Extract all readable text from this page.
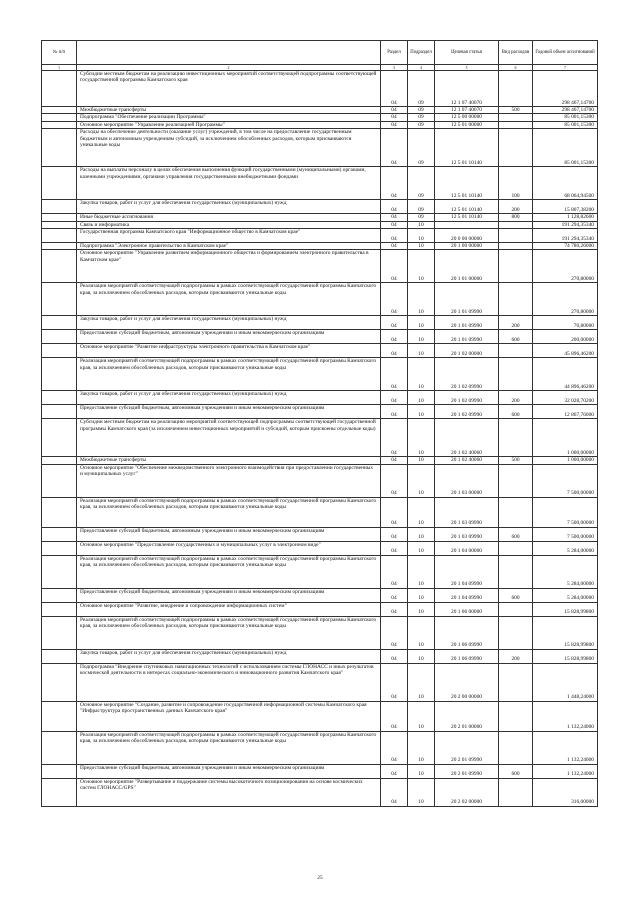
№ п/п		Раздел	Подраздел	Целевая статья	Вид расходов	Годовой объем ассигнований
1	2	3	4	5	6	7
	Субсидии местным бюджетам на реализацию инвестиционных мероприятий соответствующей подпрограммы соответствующей государственной программы Камчатского края	04	09	12 1 07 40070		298 467,14700
	Межбюджетные трансферты	04	09	12 1 07 40070	500	298 467,14700
	Подпрограмма "Обеспечение реализации Программы"	04	09	12 5 00 00000		85 001,15300
	Основное мероприятие "Управление реализацией Программы"	04	09	12 5 01 00000		85 001,15300
	Расходы на обеспечение деятельности (оказание услуг) учреждений, в том числе на предоставление государственным бюджетным и автономным учреждениям субсидий, за исключением обособленных расходов, которым присваиваются уникальные коды	04	09	12 5 01 10140		85 001,15300
	Расходы на выплаты персоналу в целях обеспечения выполнения функций государственными (муниципальными) органами, казенными учреждениями, органами управления государственными внебюджетными фондами	04	09	12 5 01 10140	100	68 064,94500
	Закупка товаров, работ и услуг для обеспечения государственных (муниципальных) нужд	04	09	12 5 01 10140	200	15 807,38200
	Иные бюджетные ассигнования	04	09	12 5 01 10140	800	1 128,82600
	Связь и информатика	04	10			191 294,35340
	Государственная программа Камчатского края "Информационное общество в Камчатском крае"	04	10	20 0 00 00000		191 294,35340
	Подпрограмма "Электронное правительство в Камчатском крае"	04	10	20 1 00 00000		74 780,26000
	Основное мероприятие "Управление развитием информационного общества и формированием электронного правительства в Камчатском крае"	04	10	20 1 01 00000		270,80000
	Реализация мероприятий соответствующей подпрограммы в рамках соответствующей государственной программы Камчатского края, за исключением обособленных расходов, которым присваиваются уникальные коды	04	10	20 1 01 09990		270,80000
	Закупка товаров, работ и услуг для обеспечения государственных (муниципальных) нужд	04	10	20 1 01 09990	200	70,80000
	Предоставление субсидий бюджетным, автономным учреждениям и иным некоммерческим организациям	04	10	20 1 01 09990	600	200,00000
	Основное мероприятие "Развитие инфраструктуры электронного правительства в Камчатском крае"	04	10	20 1 02 00000		45 896,46200
	Реализация мероприятий соответствующей подпрограммы в рамках соответствующей государственной программы Камчатского края, за исключением обособленных расходов, которым присваиваются уникальные коды	04	10	20 1 02 09990		44 896,46200
	Закупка товаров, работ и услуг для обеспечения государственных (муниципальных) нужд	04	10	20 1 02 09990	200	32 028,70200
	Предоставление субсидий бюджетным, автономным учреждениям и иным некоммерческим организациям	04	10	20 1 02 09990	600	12 867,76000
	Субсидии местным бюджетам на реализацию мероприятий соответствующей подпрограммы соответствующей государственной программы Камчатского края (за исключением инвестиционных мероприятий и субсидий, которым присвоены отдельные коды)	04	10	20 1 02 40060		1 000,00000
	Межбюджетные трансферты	04	10	20 1 02 40060	500	1 000,00000
	Основное мероприятие "Обеспечение межведомственного электронного взаимодействия при предоставлении государственных и муниципальных услуг"	04	10	20 1 03 00000		7 500,00000
	Реализация мероприятий соответствующей подпрограммы в рамках соответствующей государственной программы Камчатского края, за исключением обособленных расходов, которым присваиваются уникальные коды	04	10	20 1 03 09990		7 500,00000
	Предоставление субсидий бюджетным, автономным учреждениям и иным некоммерческим организациям	04	10	20 1 03 09990	600	7 500,00000
	Основное мероприятие "Предоставление государственных и муниципальных услуг в электронном виде"	04	10	20 1 04 00000		5 284,00000
	Реализация мероприятий соответствующей подпрограммы в рамках соответствующей государственной программы Камчатского края, за исключением обособленных расходов, которым присваиваются уникальные коды	04	10	20 1 04 09990		5 284,00000
	Предоставление субсидий бюджетным, автономным учреждениям и иным некоммерческим организациям	04	10	20 1 04 09990	600	5 284,00000
	Основное мероприятие "Развитие, внедрение и сопровождение информационных систем"	04	10	20 1 06 00000		15 828,99800
	Реализация мероприятий соответствующей подпрограммы в рамках соответствующей государственной программы Камчатского края, за исключением обособленных расходов, которым присваиваются уникальные коды	04	10	20 1 06 09990		15 828,99800
	Закупка товаров, работ и услуг для обеспечения государственных (муниципальных) нужд	04	10	20 1 06 09990	200	15 828,99800
	Подпрограмма "Внедрение спутниковых навигационных технологий с использованием системы ГЛОНАСС и иных результатов космической деятельности в интересах социально-экономического и инновационного развития Камчатского края"	04	10	20 2 00 00000		1 448,24000
	Основное мероприятие "Создание, развитие и сопровождение государственной информационной системы Камчатского края "Инфраструктура пространственных данных Камчатского края"	04	10	20 2 01 00000		1 132,24000
	Реализация мероприятий соответствующей подпрограммы в рамках соответствующей государственной программы Камчатского края, за исключением обособленных расходов, которым присваиваются уникальные коды	04	10	20 2 01 09990		1 132,24000
	Предоставление субсидий бюджетным, автономным учреждениям и иным некоммерческим организациям	04	10	20 2 01 09990	600	1 132,24000
	Основное мероприятие "Развертывание и поддержание системы высокоточного позиционирования на основе космических систем ГЛОНАСС/GPS"	04	10	20 2 02 00000		316,00000
25
